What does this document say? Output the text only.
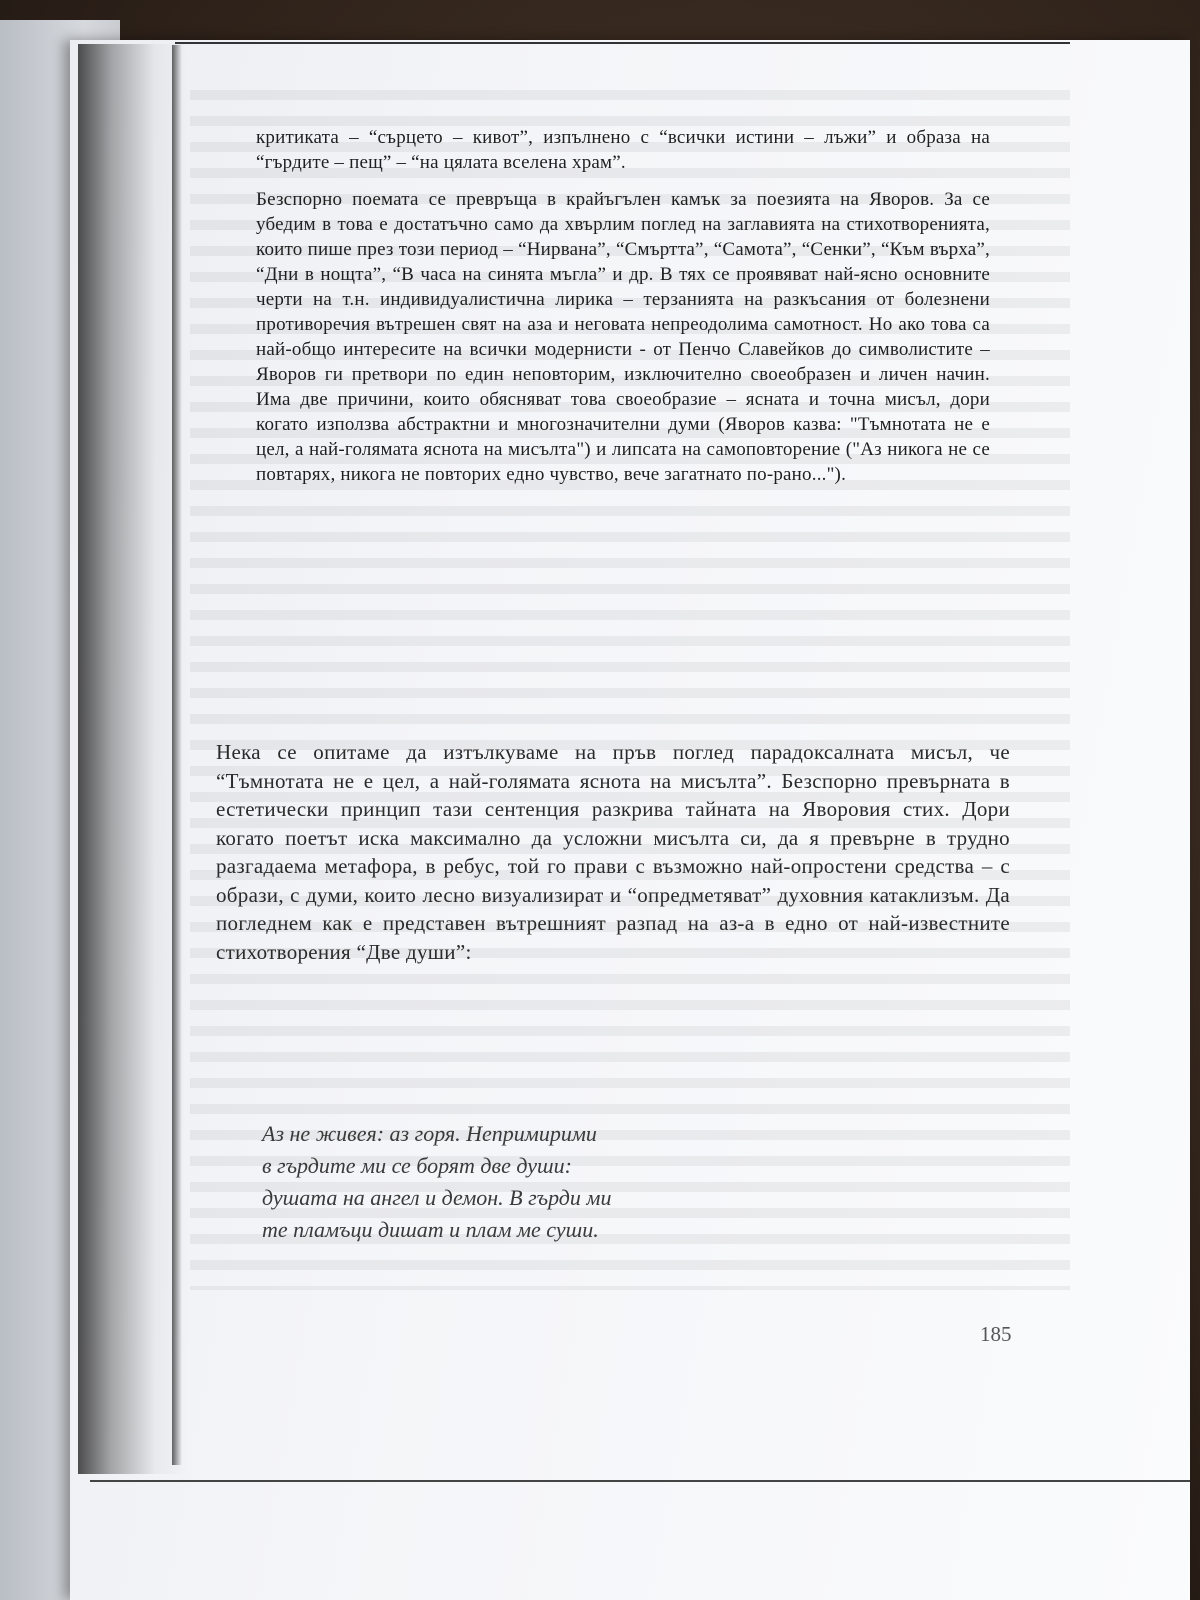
критиката – “сърцето – кивот”, изпълнено с “всички истини – лъжи” и образа на “гърдите – пещ” – “на цялата вселена храм”.

Безспорно поемата се превръща в крайъгълен камък за поезията на Яворов. За се убедим в това е достатъчно само да хвърлим поглед на заглавията на стихотворенията, които пише през този период – “Нирвана”, “Смъртта”, “Самота”, “Сенки”, “Към върха”, “Дни в нощта”, “В часа на синята мъгла” и др. В тях се проявяват най-ясно основните черти на т.н. индивидуалистична лирика – терзанията на разкъсания от болезнени противоречия вътрешен свят на аза и неговата непреодолима самотност. Но ако това са най-общо интересите на всички модернисти - от Пенчо Славейков до символистите – Яворов ги претвори по един неповторим, изключително своеобразен и личен начин. Има две причини, които обясняват това своеобразие – ясната и точна мисъл, дори когато използва абстрактни и многозначителни думи (Яворов казва: "Тъмнотата не е цел, а най-голямата яснота на мисълта") и липсата на самоповторение ("Аз никога не се повтарях, никога не повторих едно чувство, вече загатнато по-рано...").

Нека се опитаме да изтълкуваме на пръв поглед парадоксалната мисъл, че “Тъмнотата не е цел, а най-голямата яснота на мисълта”. Безспорно превърната в естетически принцип тази сентенция разкрива тайната на Яворовия стих. Дори когато поетът иска максимално да усложни мисълта си, да я превърне в трудно разгадаема метафора, в ребус, той го прави с възможно най-опростени средства – с образи, с думи, които лесно визуализират и “опредметяват” духовния катаклизъм. Да погледнем как е представен вътрешният разпад на аз-а в едно от най-известните стихотворения “Две души”:

Аз не живея: аз горя. Непримирими
в гърдите ми се борят две души:
душата на ангел и демон. В гърди ми
те пламъци дишат и плам ме суши.
185
